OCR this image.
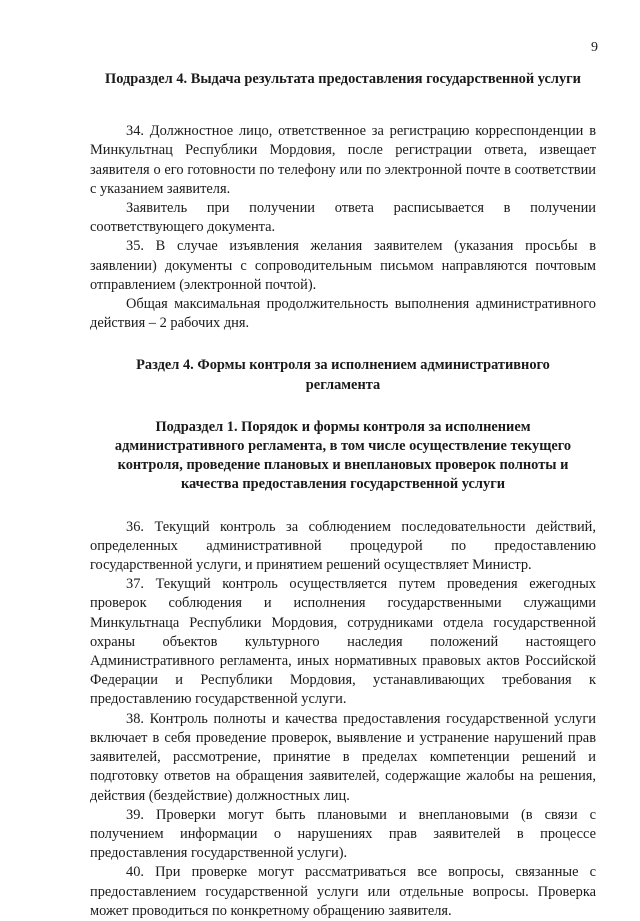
9

Подраздел 4. Выдача результата предоставления государственной услуги

34. Должностное лицо, ответственное за регистрацию корреспонденции в Минкультнац Республики Мордовия, после регистрации ответа, извещает заявителя о его готовности по телефону или по электронной почте в соответствии с указанием заявителя.

Заявитель при получении ответа расписывается в получении соответствующего документа.

35. В случае изъявления желания заявителем (указания просьбы в заявлении) документы с сопроводительным письмом направляются почтовым отправлением (электронной почтой).

Общая максимальная продолжительность выполнения административного действия – 2 рабочих дня.

Раздел 4. Формы контроля за исполнением административного регламента

Подраздел 1. Порядок и формы контроля за исполнением административного регламента, в том числе осуществление текущего контроля, проведение плановых и внеплановых проверок полноты и качества предоставления государственной услуги

36. Текущий контроль за соблюдением последовательности действий, определенных административной процедурой по предоставлению государственной услуги, и принятием решений осуществляет Министр.

37. Текущий контроль осуществляется путем проведения ежегодных проверок соблюдения и исполнения государственными служащими Минкультнаца Республики Мордовия, сотрудниками отдела государственной охраны объектов культурного наследия положений настоящего Административного регламента, иных нормативных правовых актов Российской Федерации и Республики Мордовия, устанавливающих требования к предоставлению государственной услуги.

38. Контроль полноты и качества предоставления государственной услуги включает в себя проведение проверок, выявление и устранение нарушений прав заявителей, рассмотрение, принятие в пределах компетенции решений и подготовку ответов на обращения заявителей, содержащие жалобы на решения, действия (бездействие) должностных лиц.

39. Проверки могут быть плановыми и внеплановыми (в связи с получением информации о нарушениях прав заявителей в процессе предоставления государственной услуги).

40. При проверке могут рассматриваться все вопросы, связанные с предоставлением государственной услуги или отдельные вопросы. Проверка может проводиться по конкретному обращению заявителя.
